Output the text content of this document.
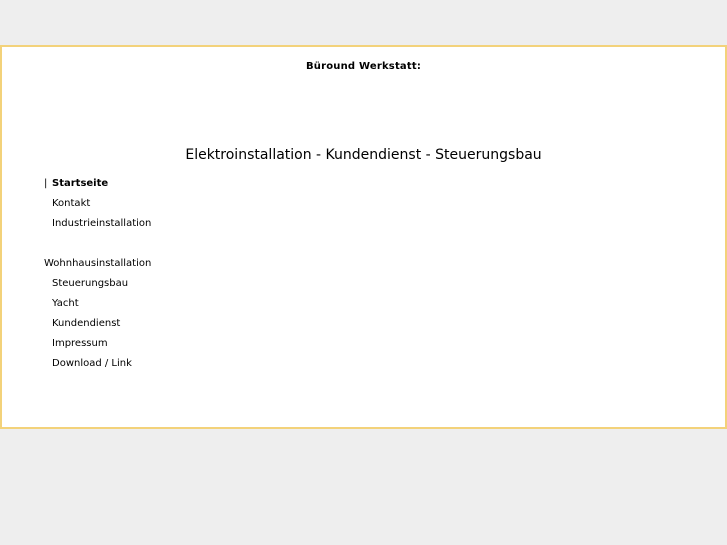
Büround Werkstatt:
Elektroinstallation - Kundendienst - Steuerungsbau
| Startseite
Kontakt
Industrieinstallation
Wohnhausinstallation
Steuerungsbau
Yacht
Kundendienst
Impressum
Download / Link
